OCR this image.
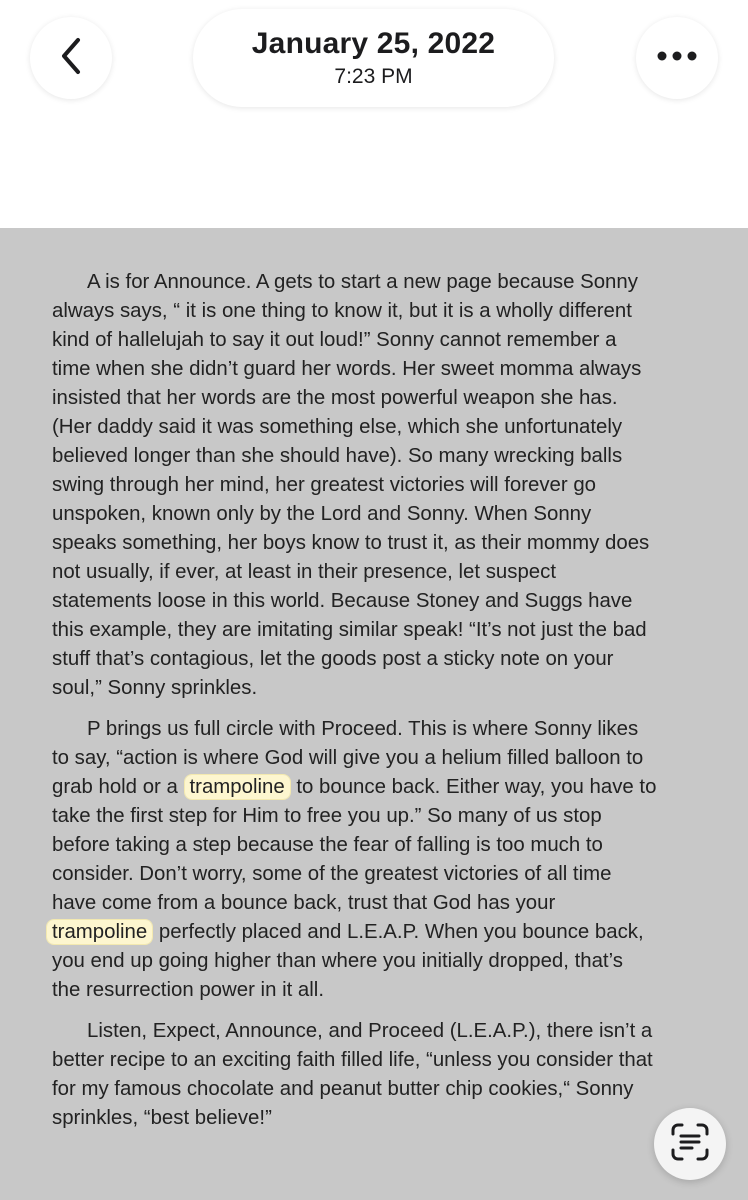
January 25, 2022
7:23 PM

A is for Announce. A gets to start a new page because Sonny
always says, “ it is one thing to know it, but it is a wholly different
kind of hallelujah to say it out loud!” Sonny cannot remember a
time when she didn’t guard her words. Her sweet momma always
insisted that her words are the most powerful weapon she has.
(Her daddy said it was something else, which she unfortunately
believed longer than she should have). So many wrecking balls
swing through her mind, her greatest victories will forever go
unspoken, known only by the Lord and Sonny. When Sonny
speaks something, her boys know to trust it, as their mommy does
not usually, if ever, at least in their presence, let suspect
statements loose in this world. Because Stoney and Suggs have
this example, they are imitating similar speak! “It’s not just the bad
stuff that’s contagious, let the goods post a sticky note on your
soul,” Sonny sprinkles.

P brings us full circle with Proceed. This is where Sonny likes
to say, “action is where God will give you a helium filled balloon to
grab hold or a trampoline to bounce back. Either way, you have to
take the first step for Him to free you up.” So many of us stop
before taking a step because the fear of falling is too much to
consider. Don’t worry, some of the greatest victories of all time
have come from a bounce back, trust that God has your
trampoline perfectly placed and L.E.A.P. When you bounce back,
you end up going higher than where you initially dropped, that’s
the resurrection power in it all.

Listen, Expect, Announce, and Proceed (L.E.A.P.), there isn’t a
better recipe to an exciting faith filled life, “unless you consider that
for my famous chocolate and peanut butter chip cookies,“ Sonny
sprinkles, “best believe!”
